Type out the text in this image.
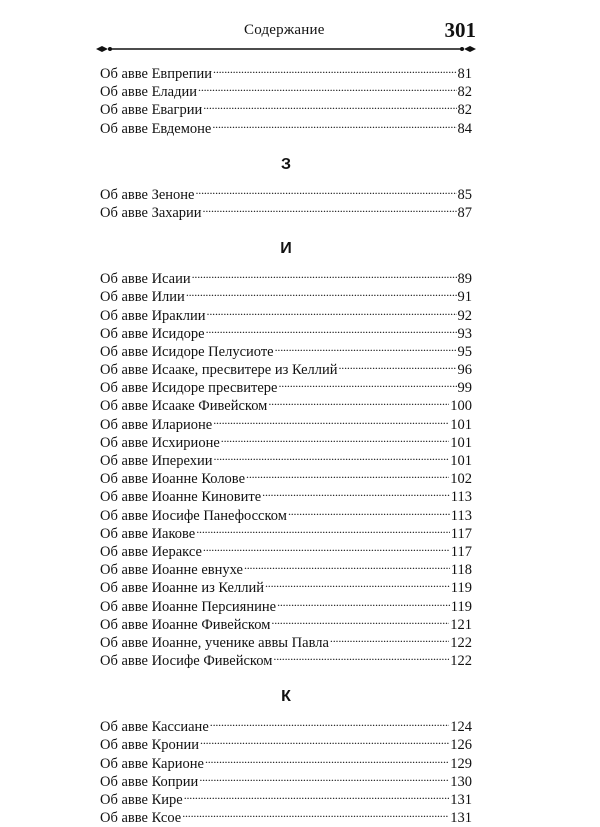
Содержание	301
Об авве Евпрепии . . .	81
Об авве Еладии . . .	82
Об авве Евагрии . . .	82
Об авве Евдемоне . . .	84
З
Об авве Зеноне . . .	85
Об авве Захарии . . .	87
И
Об авве Исаии . . .	89
Об авве Илии . . .	91
Об авве Ираклии . . .	92
Об авве Исидоре . . .	93
Об авве Исидоре Пелусиоте . . .	95
Об авве Исааке, пресвитере из Келлий . . .	96
Об авве Исидоре пресвитере . . .	99
Об авве Исааке Фивейском . . .	100
Об авве Иларионе . . .	101
Об авве Исхирионе . . .	101
Об авве Иперехии . . .	101
Об авве Иоанне Колове . . .	102
Об авве Иоанне Киновите . . .	113
Об авве Иосифе Панефосском . . .	113
Об авве Иакове . . .	117
Об авве Иераксе . . .	117
Об авве Иоанне евнухе . . .	118
Об авве Иоанне из Келлий . . .	119
Об авве Иоанне Персиянине . . .	119
Об авве Иоанне Фивейском . . .	121
Об авве Иоанне, ученике аввы Павла . . .	122
Об авве Иосифе Фивейском . . .	122
К
Об авве Кассиане . . .	124
Об авве Кронии . . .	126
Об авве Карионе . . .	129
Об авве Коприи . . .	130
Об авве Кире . . .	131
Об авве Ксое . . .	131
